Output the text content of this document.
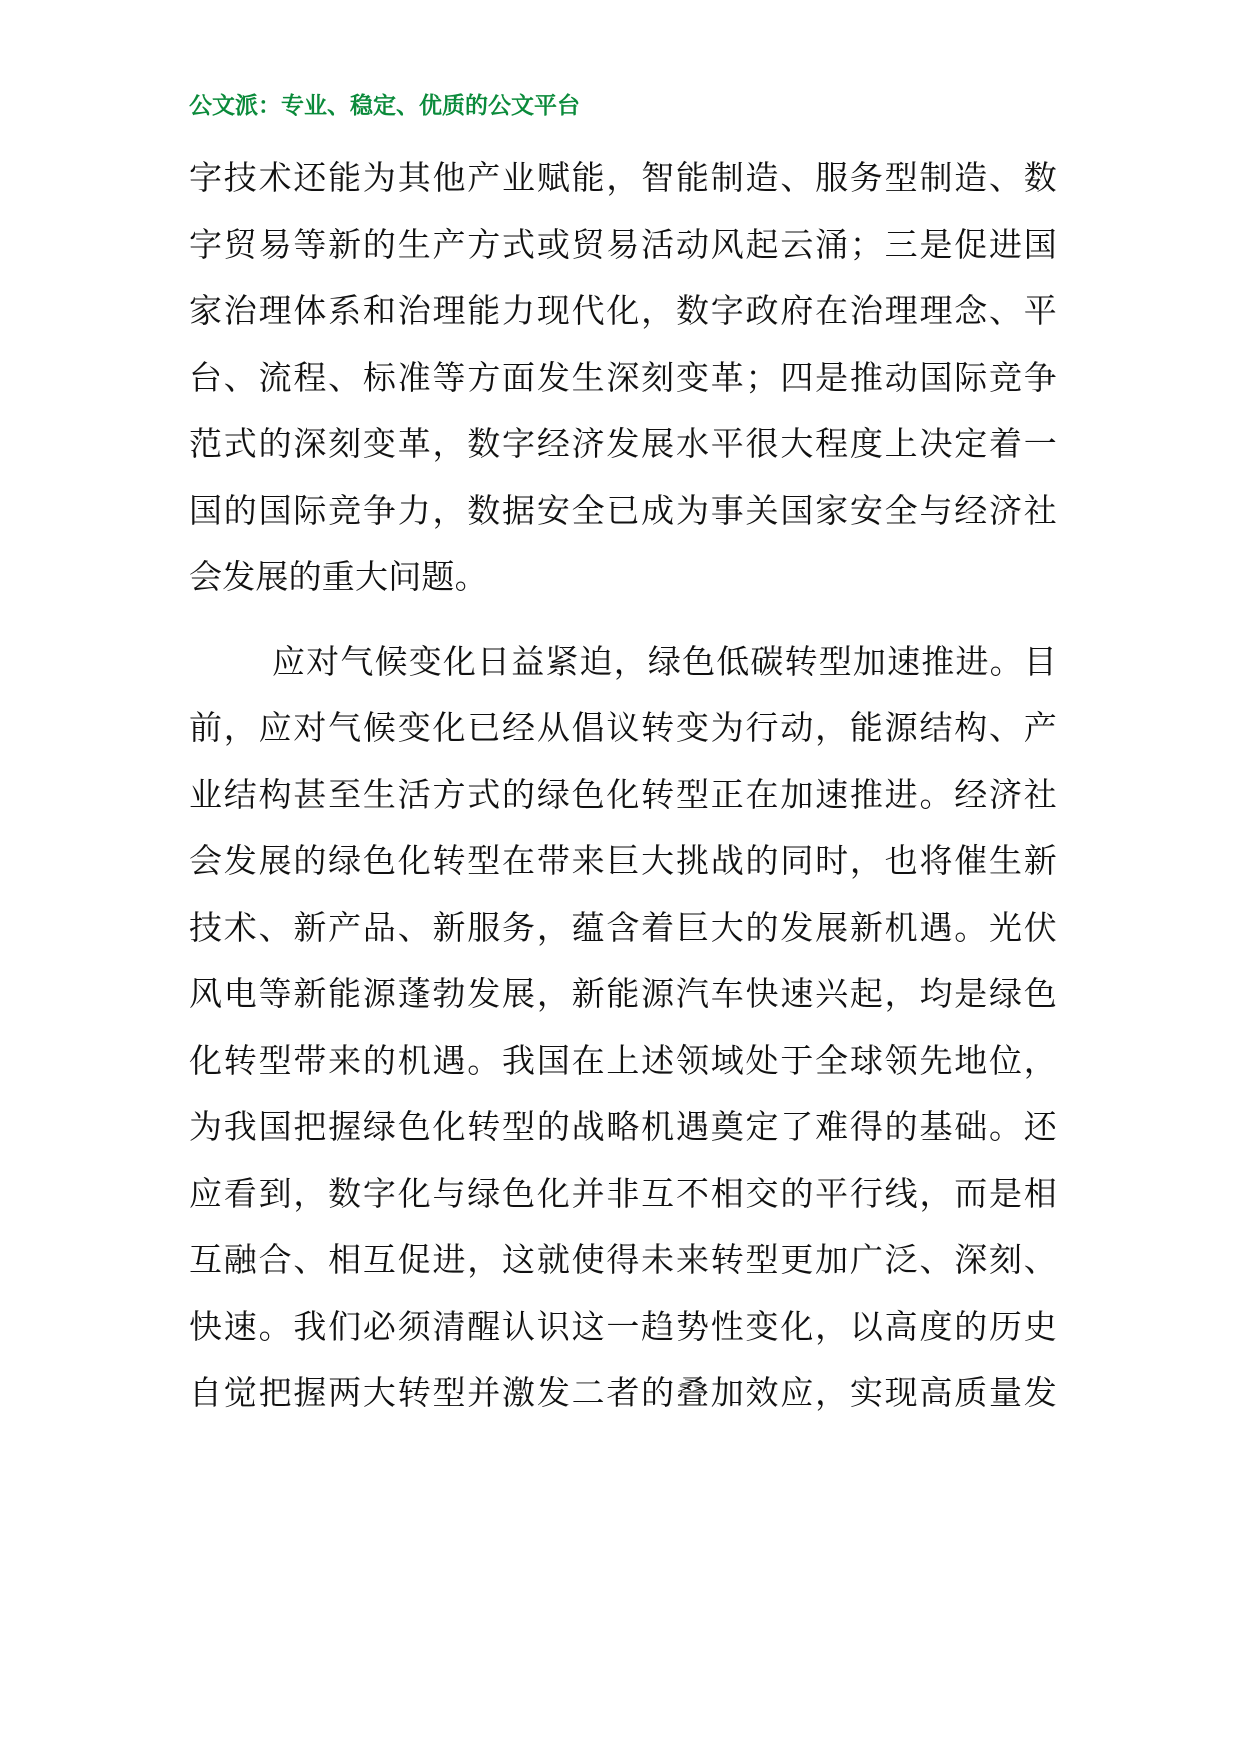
公文派：专业、稳定、优质的公文平台
字技术还能为其他产业赋能，智能制造、服务型制造、数
字贸易等新的生产方式或贸易活动风起云涌；三是促进国
家治理体系和治理能力现代化，数字政府在治理理念、平
台、流程、标准等方面发生深刻变革；四是推动国际竞争
范式的深刻变革，数字经济发展水平很大程度上决定着一
国的国际竞争力，数据安全已成为事关国家安全与经济社
会发展的重大问题。
应对气候变化日益紧迫，绿色低碳转型加速推进。目
前，应对气候变化已经从倡议转变为行动，能源结构、产
业结构甚至生活方式的绿色化转型正在加速推进。经济社
会发展的绿色化转型在带来巨大挑战的同时，也将催生新
技术、新产品、新服务，蕴含着巨大的发展新机遇。光伏
风电等新能源蓬勃发展，新能源汽车快速兴起，均是绿色
化转型带来的机遇。我国在上述领域处于全球领先地位，
为我国把握绿色化转型的战略机遇奠定了难得的基础。还
应看到，数字化与绿色化并非互不相交的平行线，而是相
互融合、相互促进，这就使得未来转型更加广泛、深刻、
快速。我们必须清醒认识这一趋势性变化，以高度的历史
自觉把握两大转型并激发二者的叠加效应，实现高质量发
